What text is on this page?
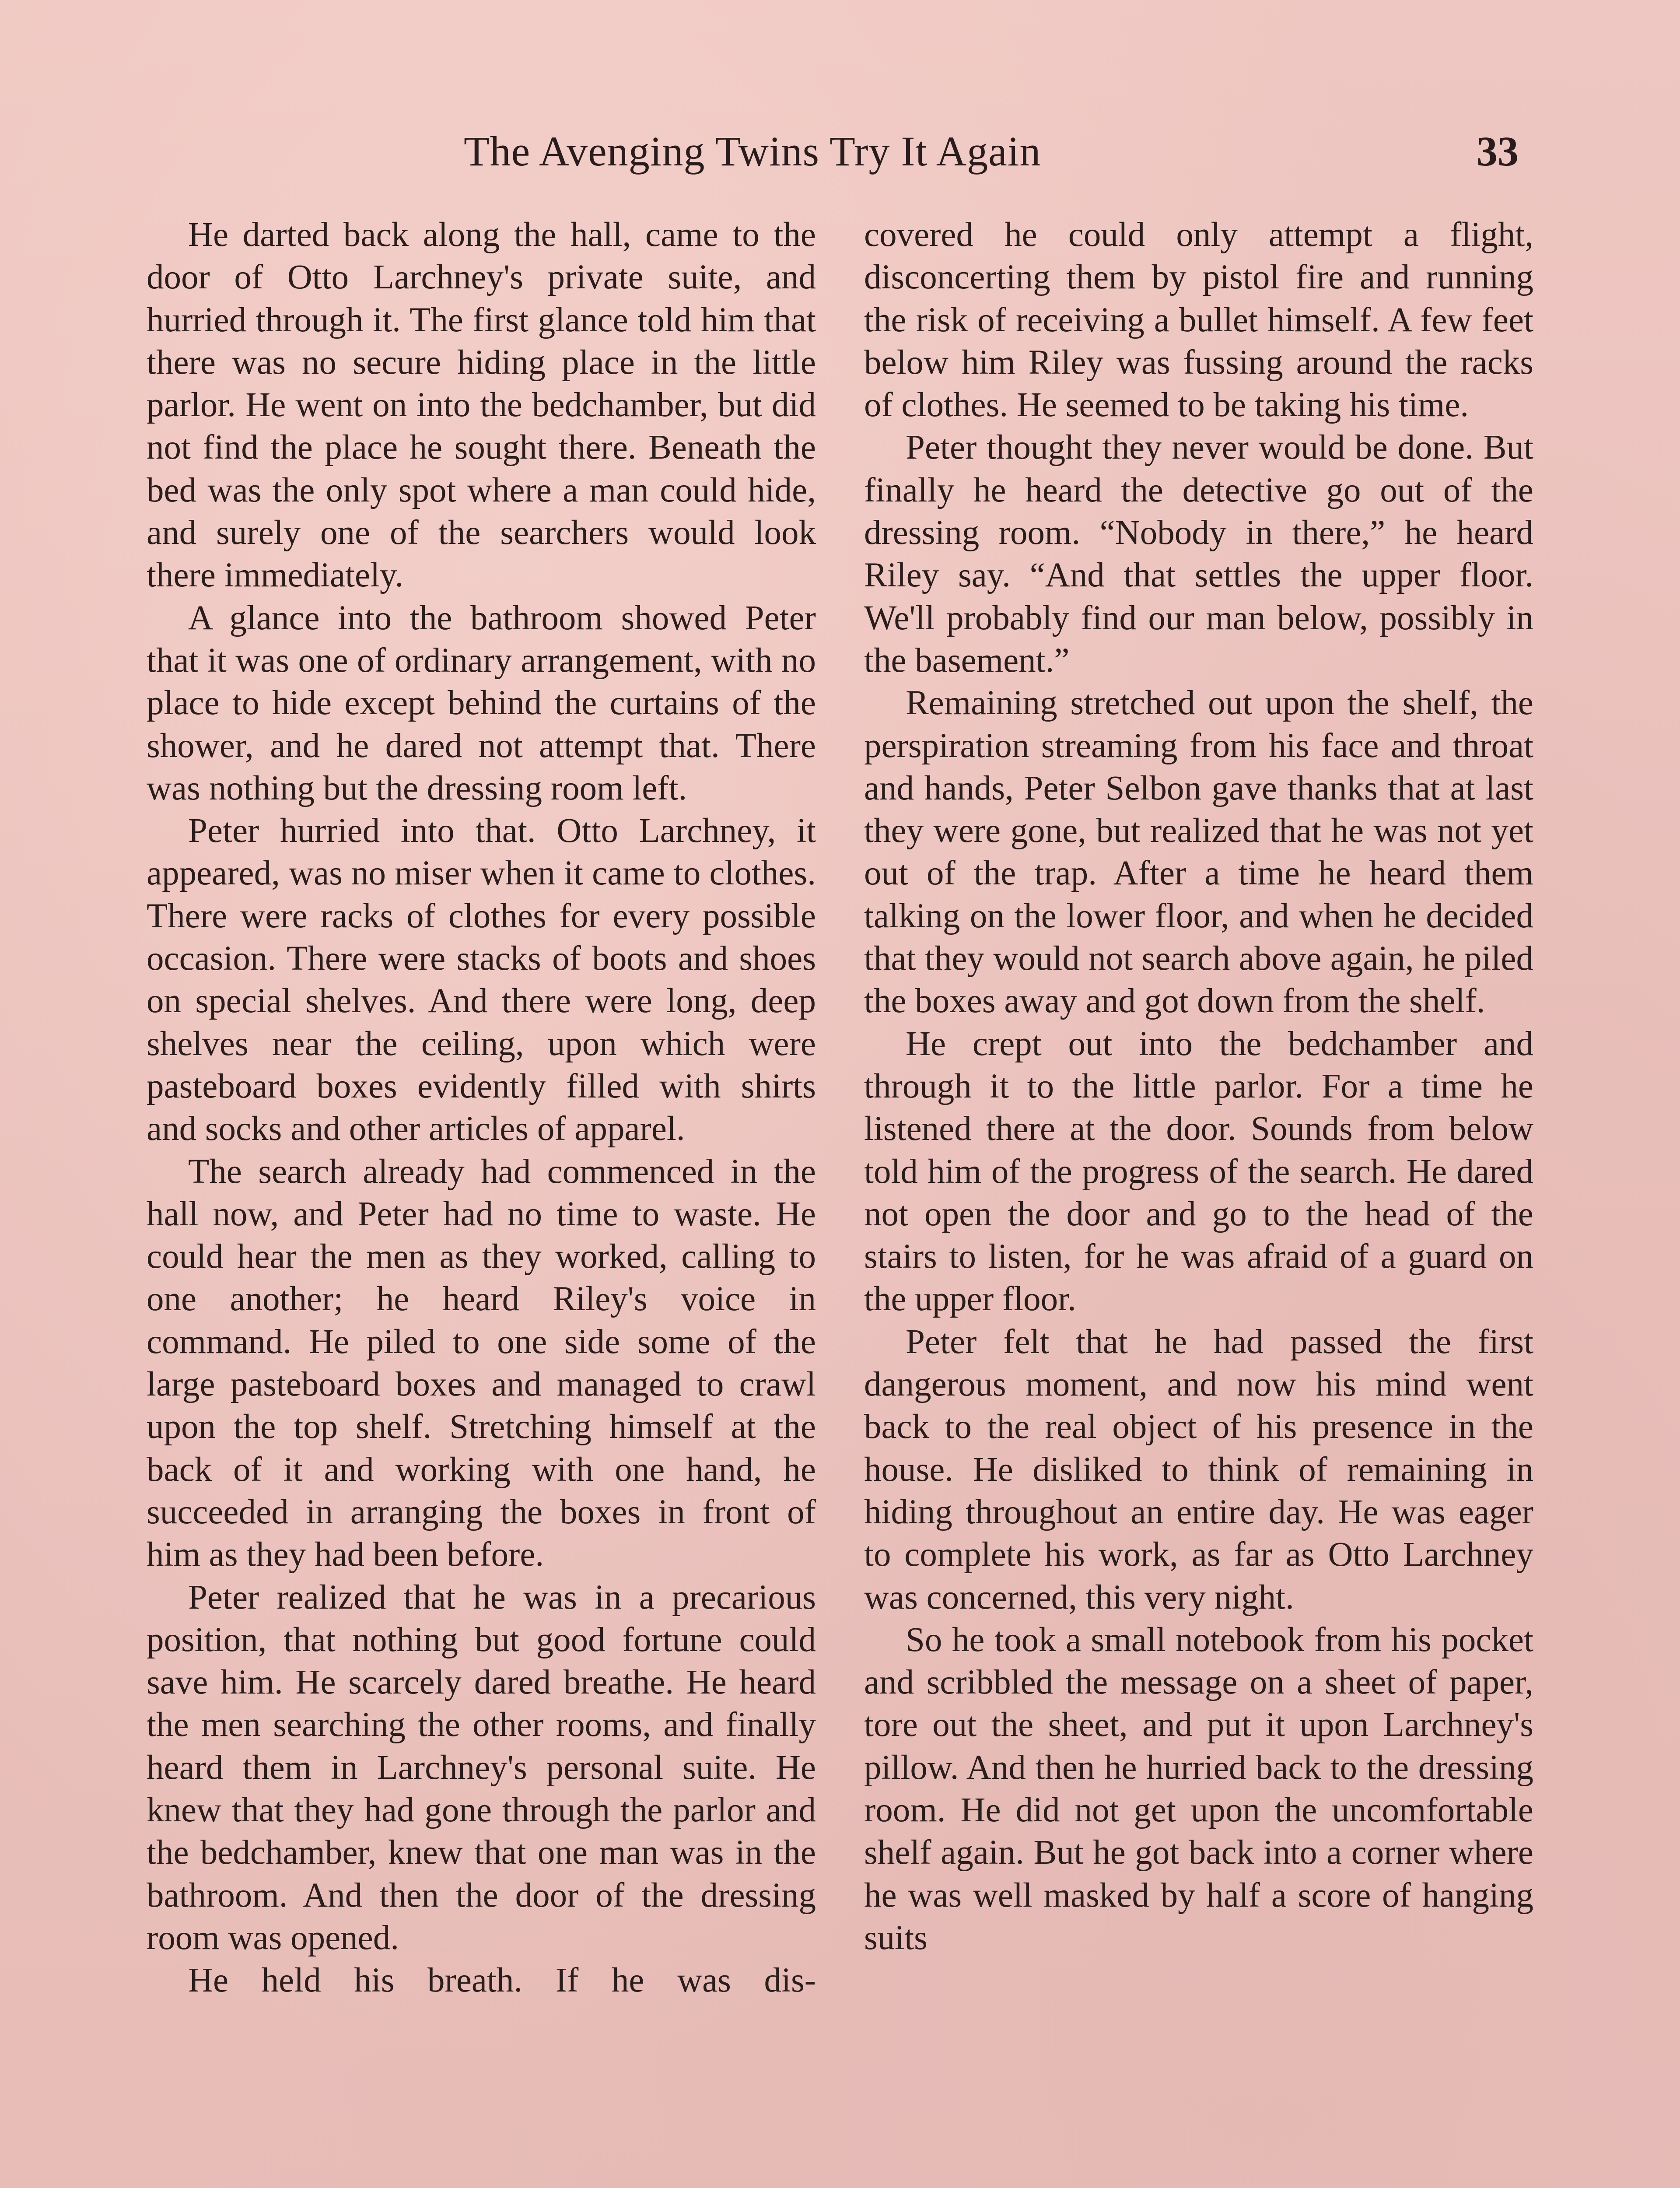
The Avenging Twins Try It Again	33

He darted back along the hall, came to the door of Otto Larchney's private suite, and hurried through it. The first glance told him that there was no secure hiding place in the little parlor. He went on into the bedchamber, but did not find the place he sought there. Beneath the bed was the only spot where a man could hide, and surely one of the searchers would look there immediately.

A glance into the bathroom showed Peter that it was one of ordinary arrangement, with no place to hide except behind the curtains of the shower, and he dared not attempt that. There was nothing but the dressing room left.

Peter hurried into that. Otto Larchney, it appeared, was no miser when it came to clothes. There were racks of clothes for every possible occasion. There were stacks of boots and shoes on special shelves. And there were long, deep shelves near the ceiling, upon which were pasteboard boxes evidently filled with shirts and socks and other articles of apparel.

The search already had commenced in the hall now, and Peter had no time to waste. He could hear the men as they worked, calling to one another; he heard Riley's voice in command. He piled to one side some of the large pasteboard boxes and managed to crawl upon the top shelf. Stretching himself at the back of it and working with one hand, he succeeded in arranging the boxes in front of him as they had been before.

Peter realized that he was in a precarious position, that nothing but good fortune could save him. He scarcely dared breathe. He heard the men searching the other rooms, and finally heard them in Larchney's personal suite. He knew that they had gone through the parlor and the bedchamber, knew that one man was in the bathroom. And then the door of the dressing room was opened.

He held his breath. If he was dis-

covered he could only attempt a flight, disconcerting them by pistol fire and running the risk of receiving a bullet himself. A few feet below him Riley was fussing around the racks of clothes. He seemed to be taking his time.

Peter thought they never would be done. But finally he heard the detective go out of the dressing room. “Nobody in there,” he heard Riley say. “And that settles the upper floor. We'll probably find our man below, possibly in the basement.”

Remaining stretched out upon the shelf, the perspiration streaming from his face and throat and hands, Peter Selbon gave thanks that at last they were gone, but realized that he was not yet out of the trap. After a time he heard them talking on the lower floor, and when he decided that they would not search above again, he piled the boxes away and got down from the shelf.

He crept out into the bedchamber and through it to the little parlor. For a time he listened there at the door. Sounds from below told him of the progress of the search. He dared not open the door and go to the head of the stairs to listen, for he was afraid of a guard on the upper floor.

Peter felt that he had passed the first dangerous moment, and now his mind went back to the real object of his presence in the house. He disliked to think of remaining in hiding throughout an entire day. He was eager to complete his work, as far as Otto Larchney was concerned, this very night.

So he took a small notebook from his pocket and scribbled the message on a sheet of paper, tore out the sheet, and put it upon Larchney's pillow. And then he hurried back to the dressing room. He did not get upon the uncomfortable shelf again. But he got back into a corner where he was well masked by half a score of hanging suits
